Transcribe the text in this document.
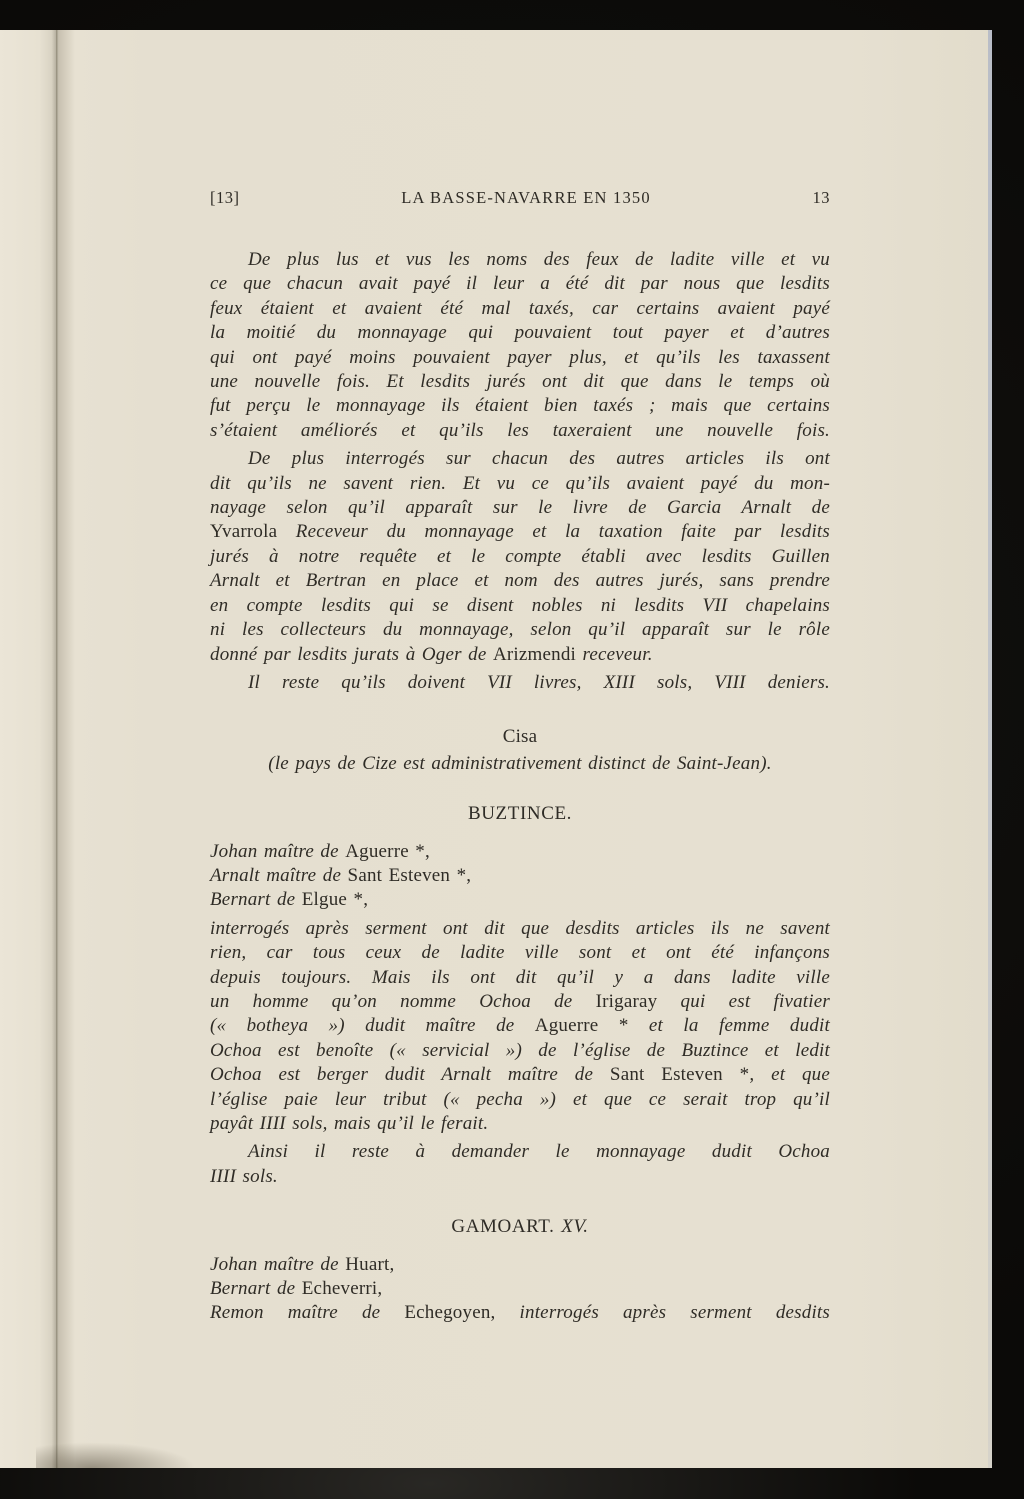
[13]	LA BASSE-NAVARRE EN 1350	13
De plus lus et vus les noms des feux de ladite ville et vu
ce que chacun avait payé il leur a été dit par nous que lesdits
feux étaient et avaient été mal taxés, car certains avaient payé
la moitié du monnayage qui pouvaient tout payer et d’autres
qui ont payé moins pouvaient payer plus, et qu’ils les taxassent
une nouvelle fois. Et lesdits jurés ont dit que dans le temps où
fut perçu le monnayage ils étaient bien taxés ; mais que certains
s’étaient améliorés et qu’ils les taxeraient une nouvelle fois.
De plus interrogés sur chacun des autres articles ils ont
dit qu’ils ne savent rien. Et vu ce qu’ils avaient payé du mon-
nayage selon qu’il apparaît sur le livre de Garcia Arnalt de
Yvarrola Receveur du monnayage et la taxation faite par lesdits
jurés à notre requête et le compte établi avec lesdits Guillen
Arnalt et Bertran en place et nom des autres jurés, sans prendre
en compte lesdits qui se disent nobles ni lesdits VII chapelains
ni les collecteurs du monnayage, selon qu’il apparaît sur le rôle
donné par lesdits jurats à Oger de Arizmendi receveur.
Il reste qu’ils doivent VII livres, XIII sols, VIII deniers.
Cisa
(le pays de Cize est administrativement distinct de Saint-Jean).
BUZTINCE.
Johan maître de Aguerre *,
Arnalt maître de Sant Esteven *,
Bernart de Elgue *,
interrogés après serment ont dit que desdits articles ils ne savent
rien, car tous ceux de ladite ville sont et ont été infançons
depuis toujours. Mais ils ont dit qu’il y a dans ladite ville
un homme qu’on nomme Ochoa de Irigaray qui est fivatier
(« botheya ») dudit maître de Aguerre * et la femme dudit
Ochoa est benoîte (« servicial ») de l’église de Buztince et ledit
Ochoa est berger dudit Arnalt maître de Sant Esteven *, et que
l’église paie leur tribut (« pecha ») et que ce serait trop qu’il
payât IIII sols, mais qu’il le ferait.
Ainsi il reste à demander le monnayage dudit Ochoa
IIII sols.
GAMOART. XV.
Johan maître de Huart,
Bernart de Echeverri,
Remon maître de Echegoyen, interrogés après serment desdits
